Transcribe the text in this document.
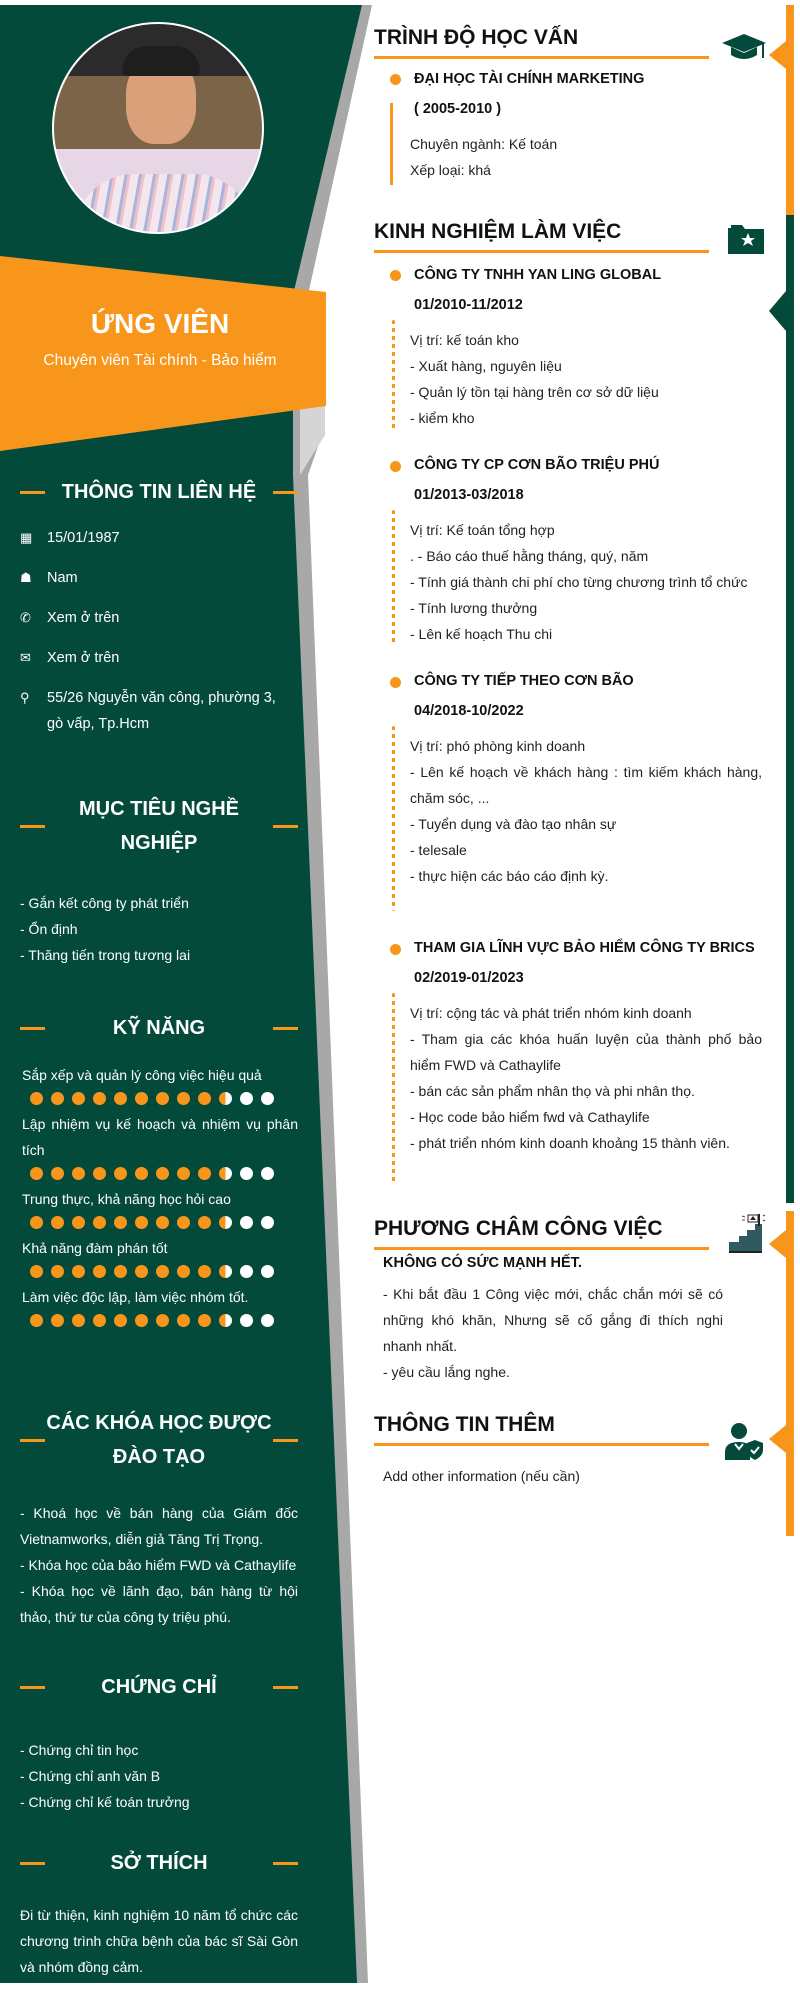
ỨNG VIÊN
Chuyên viên Tài chính - Bảo hiểm
THÔNG TIN LIÊN HỆ
▦	15/01/1987
☗	Nam
✆	Xem ở trên
✉	Xem ở trên
⚲	55/26 Nguyễn văn công, phường 3, gò vấp, Tp.Hcm
MỤC TIÊU NGHỀ
NGHIỆP
- Gắn kết công ty phát triển
- Ổn định
- Thăng tiến trong tương lai
KỸ NĂNG
Sắp xếp và quản lý công việc hiệu quả
Lập nhiệm vụ kế hoạch và nhiệm vụ phân tích
Trung thực, khả năng học hỏi cao
Khả năng đàm phán tốt
Làm việc độc lập, làm việc nhóm tốt.
CÁC KHÓA HỌC ĐƯỢC
ĐÀO TẠO
- Khoá học về bán hàng của Giám đốc Vietnamworks, diễn giả Tăng Trị Trọng.
- Khóa học của bảo hiểm FWD và Cathaylife
- Khóa học về lãnh đạo, bán hàng từ hội thảo, thứ tư của công ty triệu phú.
CHỨNG CHỈ
- Chứng chỉ tin học
- Chứng chỉ anh văn B
- Chứng chỉ kế toán trưởng
SỞ THÍCH
Đi từ thiện, kinh nghiệm 10 năm tổ chức các chương trình chữa bệnh của bác sĩ Sài Gòn và nhóm đồng cảm.
TRÌNH ĐỘ HỌC VẤN
ĐẠI HỌC TÀI CHÍNH MARKETING
( 2005-2010 )
Chuyên ngành: Kế toán
Xếp loại: khá
KINH NGHIỆM LÀM VIỆC
CÔNG TY TNHH YAN LING GLOBAL
01/2010-11/2012
Vị trí: kế toán kho
- Xuất hàng, nguyên liệu
- Quản lý tồn tại hàng trên cơ sở dữ liệu
- kiểm kho
CÔNG TY CP CƠN BÃO TRIỆU PHÚ
01/2013-03/2018
Vị trí: Kế toán tổng hợp
. - Báo cáo thuế hằng tháng, quý, năm
- Tính giá thành chi phí cho từng chương trình tổ chức
- Tính lương thưởng
- Lên kế hoạch Thu chi
CÔNG TY TIẾP THEO CƠN BÃO
04/2018-10/2022
Vị trí: phó phòng kinh doanh
- Lên kế hoạch về khách hàng : tìm kiếm khách hàng, chăm sóc, ...
- Tuyển dụng và đào tạo nhân sự
- telesale
- thực hiện các báo cáo định kỳ.
THAM GIA LĨNH VỰC BẢO HIỂM CÔNG TY BRICS
02/2019-01/2023
Vị trí: cộng tác và phát triển nhóm kinh doanh
- Tham gia các khóa huấn luyện của thành phố bảo hiểm FWD và Cathaylife
- bán các sản phẩm nhân thọ và phi nhân thọ.
- Học code bảo hiểm fwd và Cathaylife
- phát triển nhóm kinh doanh khoảng 15 thành viên.
PHƯƠNG CHÂM CÔNG VIỆC
KHÔNG CÓ SỨC MẠNH HẾT.
- Khi bắt đầu 1 Công việc mới, chắc chắn mới sẽ có những khó khăn, Nhưng sẽ cố gắng đi thích nghi nhanh nhất.
- yêu cầu lắng nghe.
THÔNG TIN THÊM
Add other information (nếu cần)
